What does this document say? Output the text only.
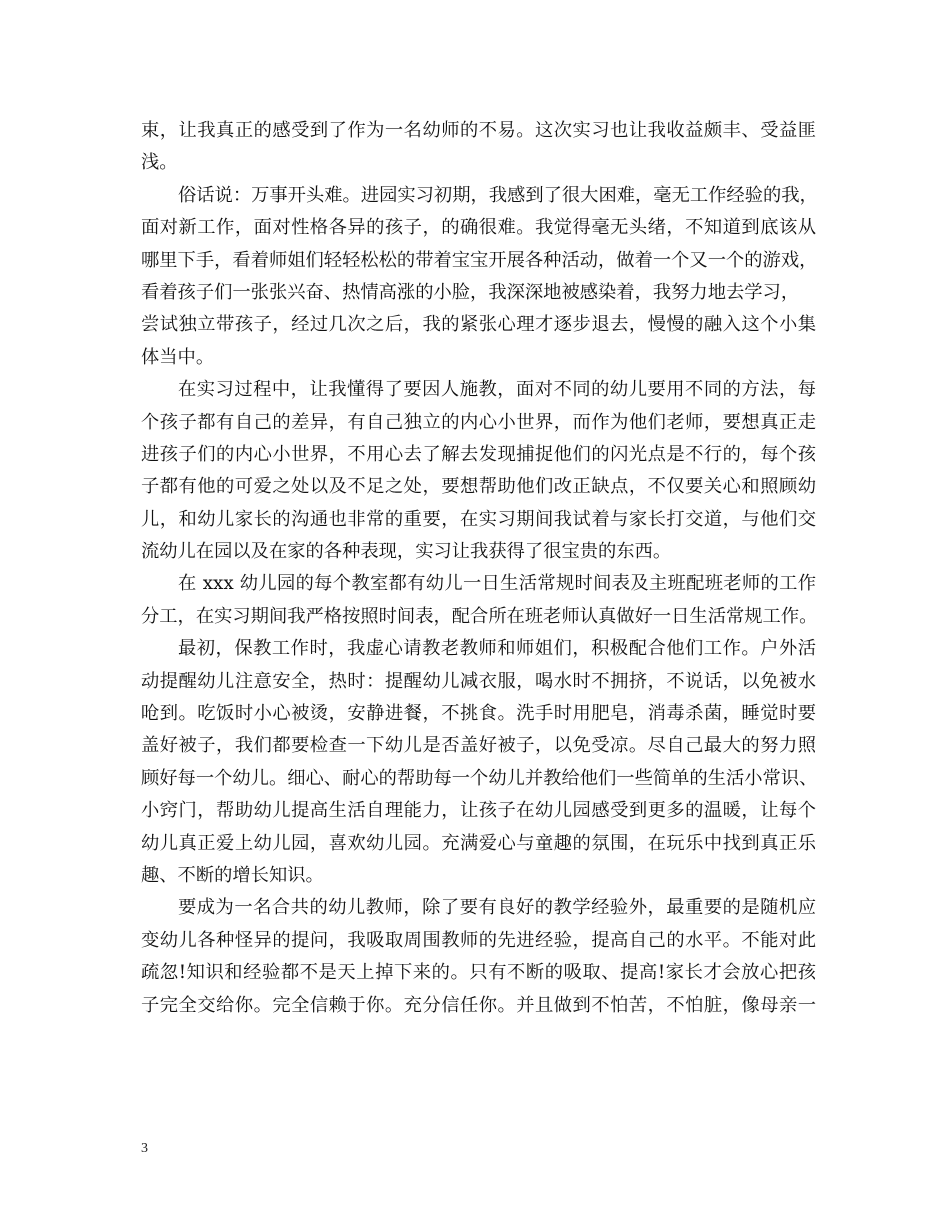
束，让我真正的感受到了作为一名幼师的不易。这次实习也让我收益颇丰、受益匪
浅。
俗话说：万事开头难。进园实习初期，我感到了很大困难，毫无工作经验的我，
面对新工作，面对性格各异的孩子，的确很难。我觉得毫无头绪，不知道到底该从
哪里下手，看着师姐们轻轻松松的带着宝宝开展各种活动，做着一个又一个的游戏，
看着孩子们一张张兴奋、热情高涨的小脸，我深深地被感染着，我努力地去学习，
尝试独立带孩子，经过几次之后，我的紧张心理才逐步退去，慢慢的融入这个小集
体当中。
在实习过程中，让我懂得了要因人施教，面对不同的幼儿要用不同的方法，每
个孩子都有自己的差异，有自己独立的内心小世界，而作为他们老师，要想真正走
进孩子们的内心小世界，不用心去了解去发现捕捉他们的闪光点是不行的，每个孩
子都有他的可爱之处以及不足之处，要想帮助他们改正缺点，不仅要关心和照顾幼
儿，和幼儿家长的沟通也非常的重要，在实习期间我试着与家长打交道，与他们交
流幼儿在园以及在家的各种表现，实习让我获得了很宝贵的东西。
在 xxx 幼儿园的每个教室都有幼儿一日生活常规时间表及主班配班老师的工作
分工，在实习期间我严格按照时间表，配合所在班老师认真做好一日生活常规工作。
最初，保教工作时，我虚心请教老教师和师姐们，积极配合他们工作。户外活
动提醒幼儿注意安全，热时：提醒幼儿减衣服，喝水时不拥挤，不说话，以免被水
呛到。吃饭时小心被烫，安静进餐，不挑食。洗手时用肥皂，消毒杀菌，睡觉时要
盖好被子，我们都要检查一下幼儿是否盖好被子，以免受凉。尽自己最大的努力照
顾好每一个幼儿。细心、耐心的帮助每一个幼儿并教给他们一些简单的生活小常识、
小窍门，帮助幼儿提高生活自理能力，让孩子在幼儿园感受到更多的温暖，让每个
幼儿真正爱上幼儿园，喜欢幼儿园。充满爱心与童趣的氛围，在玩乐中找到真正乐
趣、不断的增长知识。
要成为一名合共的幼儿教师，除了要有良好的教学经验外，最重要的是随机应
变幼儿各种怪异的提问，我吸取周围教师的先进经验，提高自己的水平。不能对此
疏忽!知识和经验都不是天上掉下来的。只有不断的吸取、提高!家长才会放心把孩
子完全交给你。完全信赖于你。充分信任你。并且做到不怕苦，不怕脏，像母亲一
3
